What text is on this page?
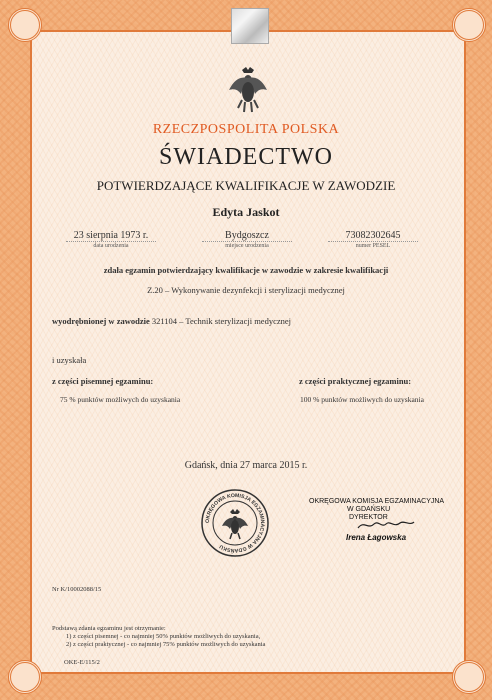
RZECZPOSPOLITA POLSKA
ŚWIADECTWO
POTWIERDZAJĄCE KWALIFIKACJE W ZAWODZIE
Edyta Jaskot
23 sierpnia 1973 r.
data urodzenia
Bydgoszcz
miejsce urodzenia
73082302645
numer PESEL
zdała egzamin potwierdzający kwalifikacje w zawodzie w zakresie kwalifikacji
Z.20 – Wykonywanie dezynfekcji i sterylizacji medycznej
wyodrębnionej w zawodzie 321104 – Technik sterylizacji medycznej
i uzyskała
z części pisemnej egzaminu:
75 % punktów możliwych do uzyskania
z części praktycznej egzaminu:
100 % punktów możliwych do uzyskania
Gdańsk, dnia 27 marca 2015 r.
OKRĘGOWA KOMISJA EGZAMINACYJNA W GDAŃSKU
OKRĘGOWA KOMISJA EGZAMINACYJNA
W GDAŃSKU
DYREKTOR
Irena Łagowska
Nr K/10002088/15
Podstawą zdania egzaminu jest otrzymanie:
1) z części pisemnej - co najmniej 50% punktów możliwych do uzyskania,
2) z części praktycznej - co najmniej 75% punktów możliwych do uzyskania
OKE-E/115/2
